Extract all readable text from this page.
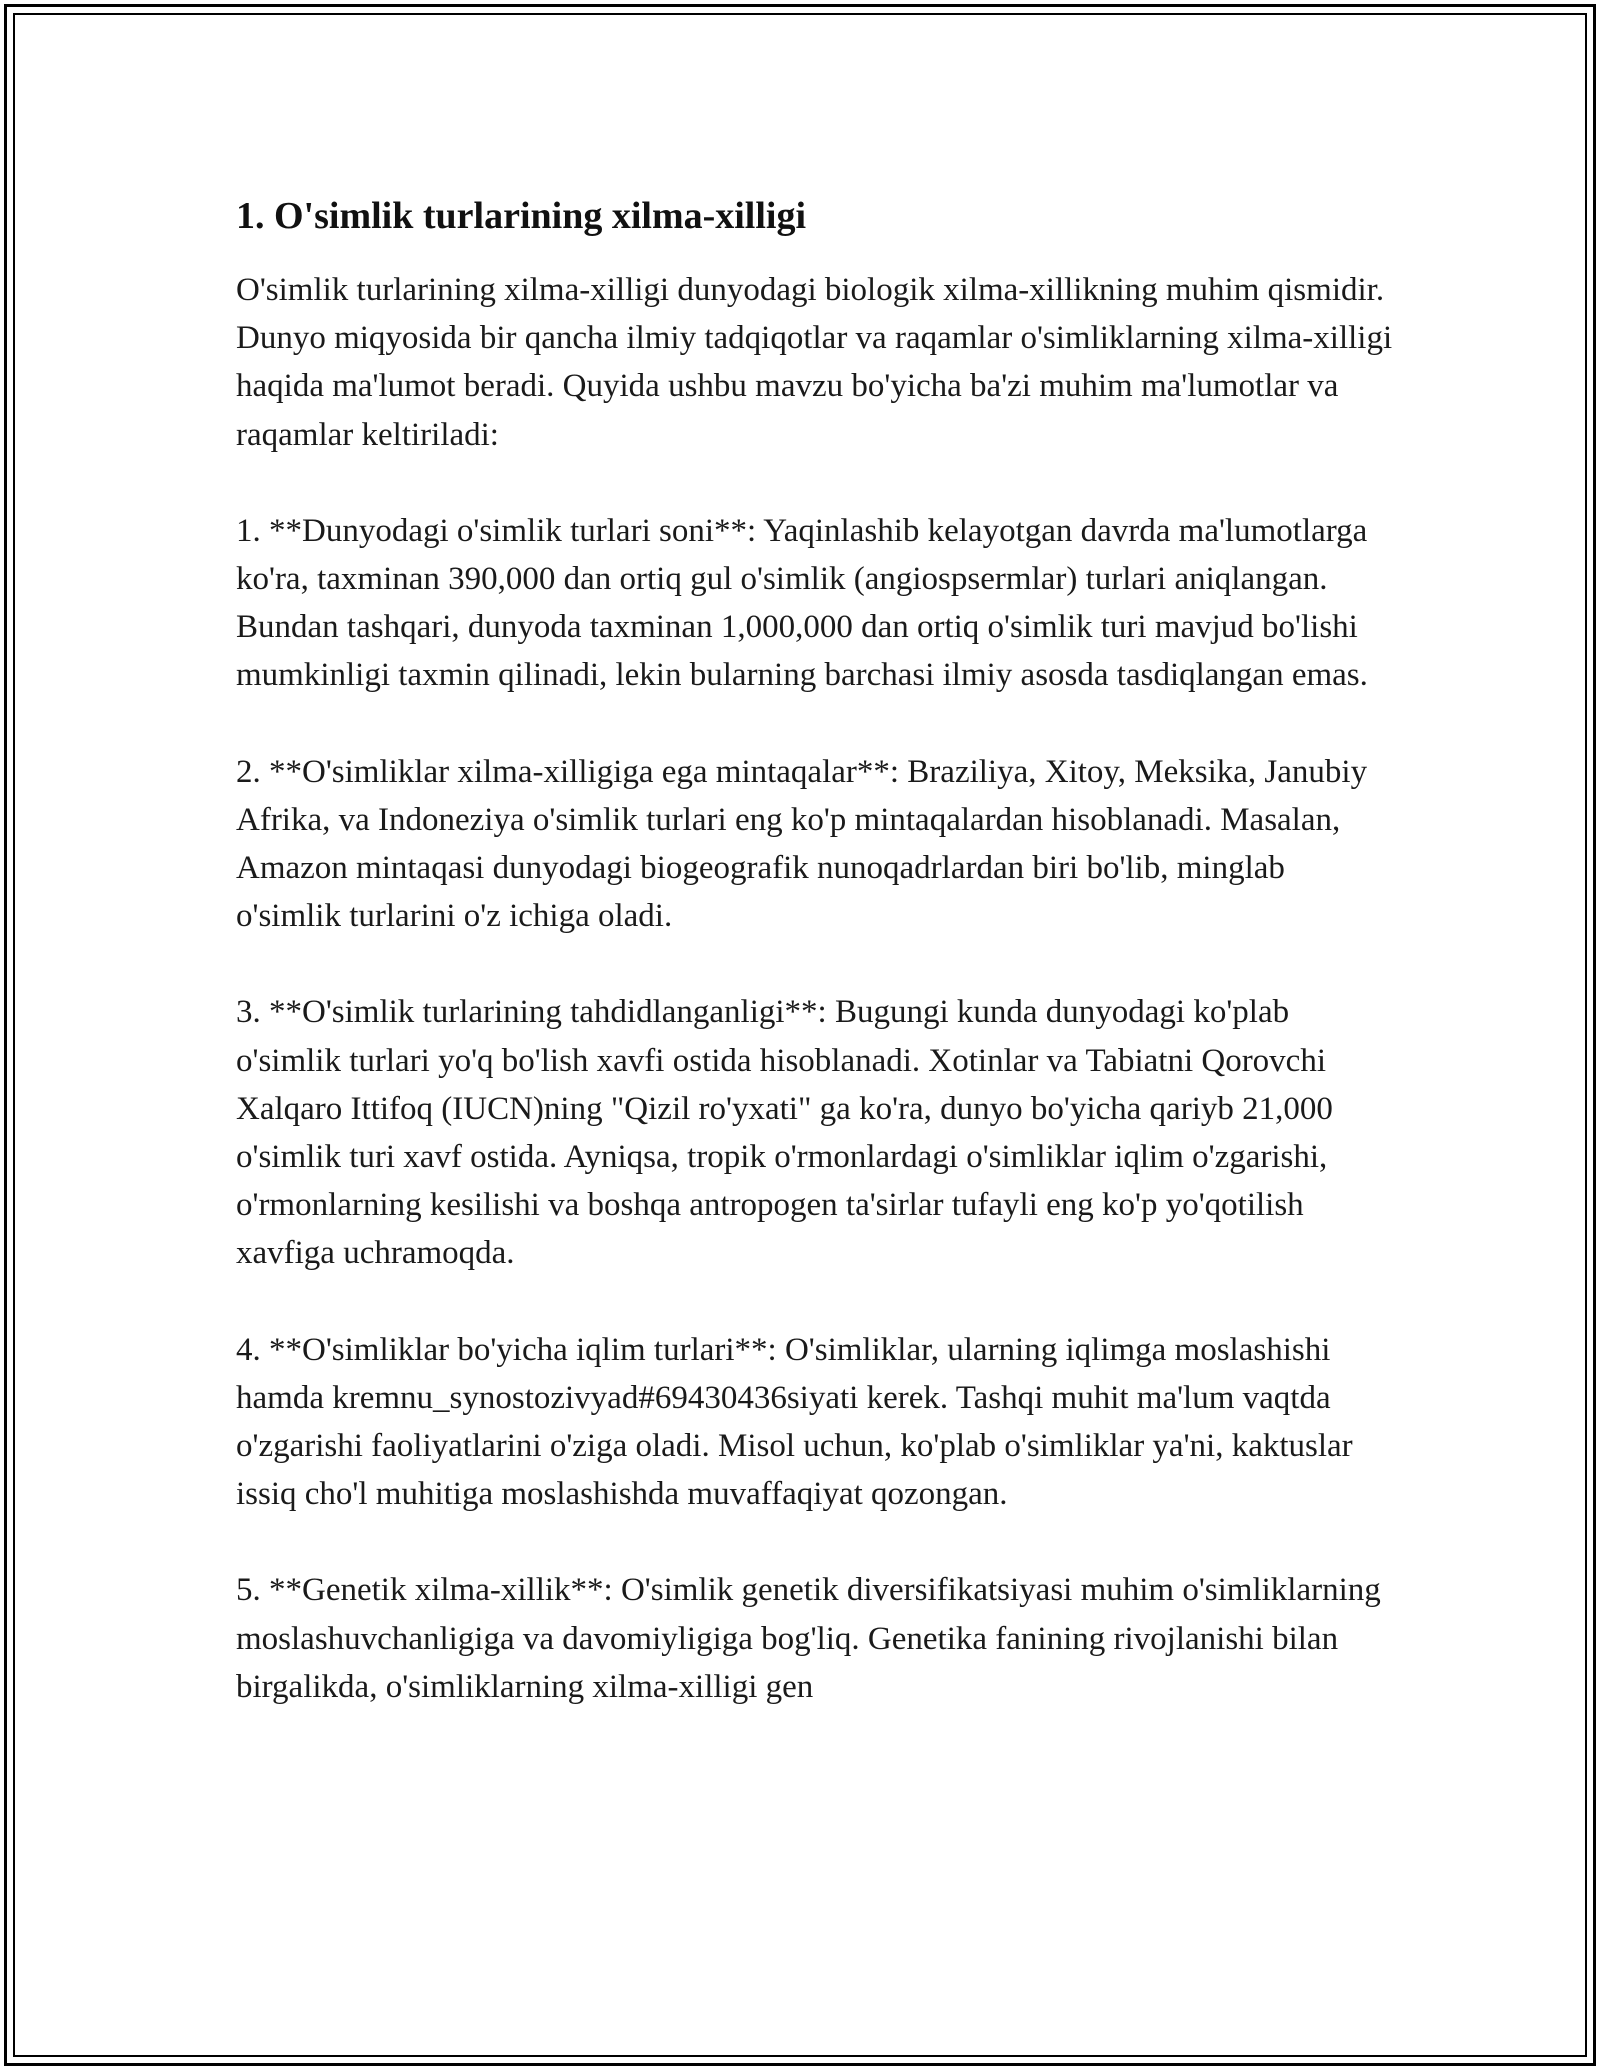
1. O'simlik turlarining xilma-xilligi

O'simlik turlarining xilma-xilligi dunyodagi biologik xilma-xillikning muhim qismidir. Dunyo miqyosida bir qancha ilmiy tadqiqotlar va raqamlar o'simliklarning xilma-xilligi haqida ma'lumot beradi. Quyida ushbu mavzu bo'yicha ba'zi muhim ma'lumotlar va raqamlar keltiriladi:

1. **Dunyodagi o'simlik turlari soni**: Yaqinlashib kelayotgan davrda ma'lumotlarga ko'ra, taxminan 390,000 dan ortiq gul o'simlik (angiospsermlar) turlari aniqlangan. Bundan tashqari, dunyoda taxminan 1,000,000 dan ortiq o'simlik turi mavjud bo'lishi mumkinligi taxmin qilinadi, lekin bularning barchasi ilmiy asosda tasdiqlangan emas.

2. **O'simliklar xilma-xilligiga ega mintaqalar**: Braziliya, Xitoy, Meksika, Janubiy Afrika, va Indoneziya o'simlik turlari eng ko'p mintaqalardan hisoblanadi. Masalan, Amazon mintaqasi dunyodagi biogeografik nunoqadrlardan biri bo'lib, minglab o'simlik turlarini o'z ichiga oladi.

3. **O'simlik turlarining tahdidlanganligi**: Bugungi kunda dunyodagi ko'plab o'simlik turlari yo'q bo'lish xavfi ostida hisoblanadi. Xotinlar va Tabiatni Qorovchi Xalqaro Ittifoq (IUCN)ning "Qizil ro'yxati" ga ko'ra, dunyo bo'yicha qariyb 21,000 o'simlik turi xavf ostida. Ayniqsa, tropik o'rmonlardagi o'simliklar iqlim o'zgarishi, o'rmonlarning kesilishi va boshqa antropogen ta'sirlar tufayli eng ko'p yo'qotilish xavfiga uchramoqda.

4. **O'simliklar bo'yicha iqlim turlari**: O'simliklar, ularning iqlimga moslashishi hamda kremnu_synostozivyad#69430436siyati kerek. Tashqi muhit ma'lum vaqtda o'zgarishi faoliyatlarini o'ziga oladi. Misol uchun, ko'plab o'simliklar ya'ni, kaktuslar issiq cho'l muhitiga moslashishda muvaffaqiyat qozongan.

5. **Genetik xilma-xillik**: O'simlik genetik diversifikatsiyasi muhim o'simliklarning moslashuvchanligiga va davomiyligiga bog'liq. Genetika fanining rivojlanishi bilan birgalikda, o'simliklarning xilma-xilligi gen
